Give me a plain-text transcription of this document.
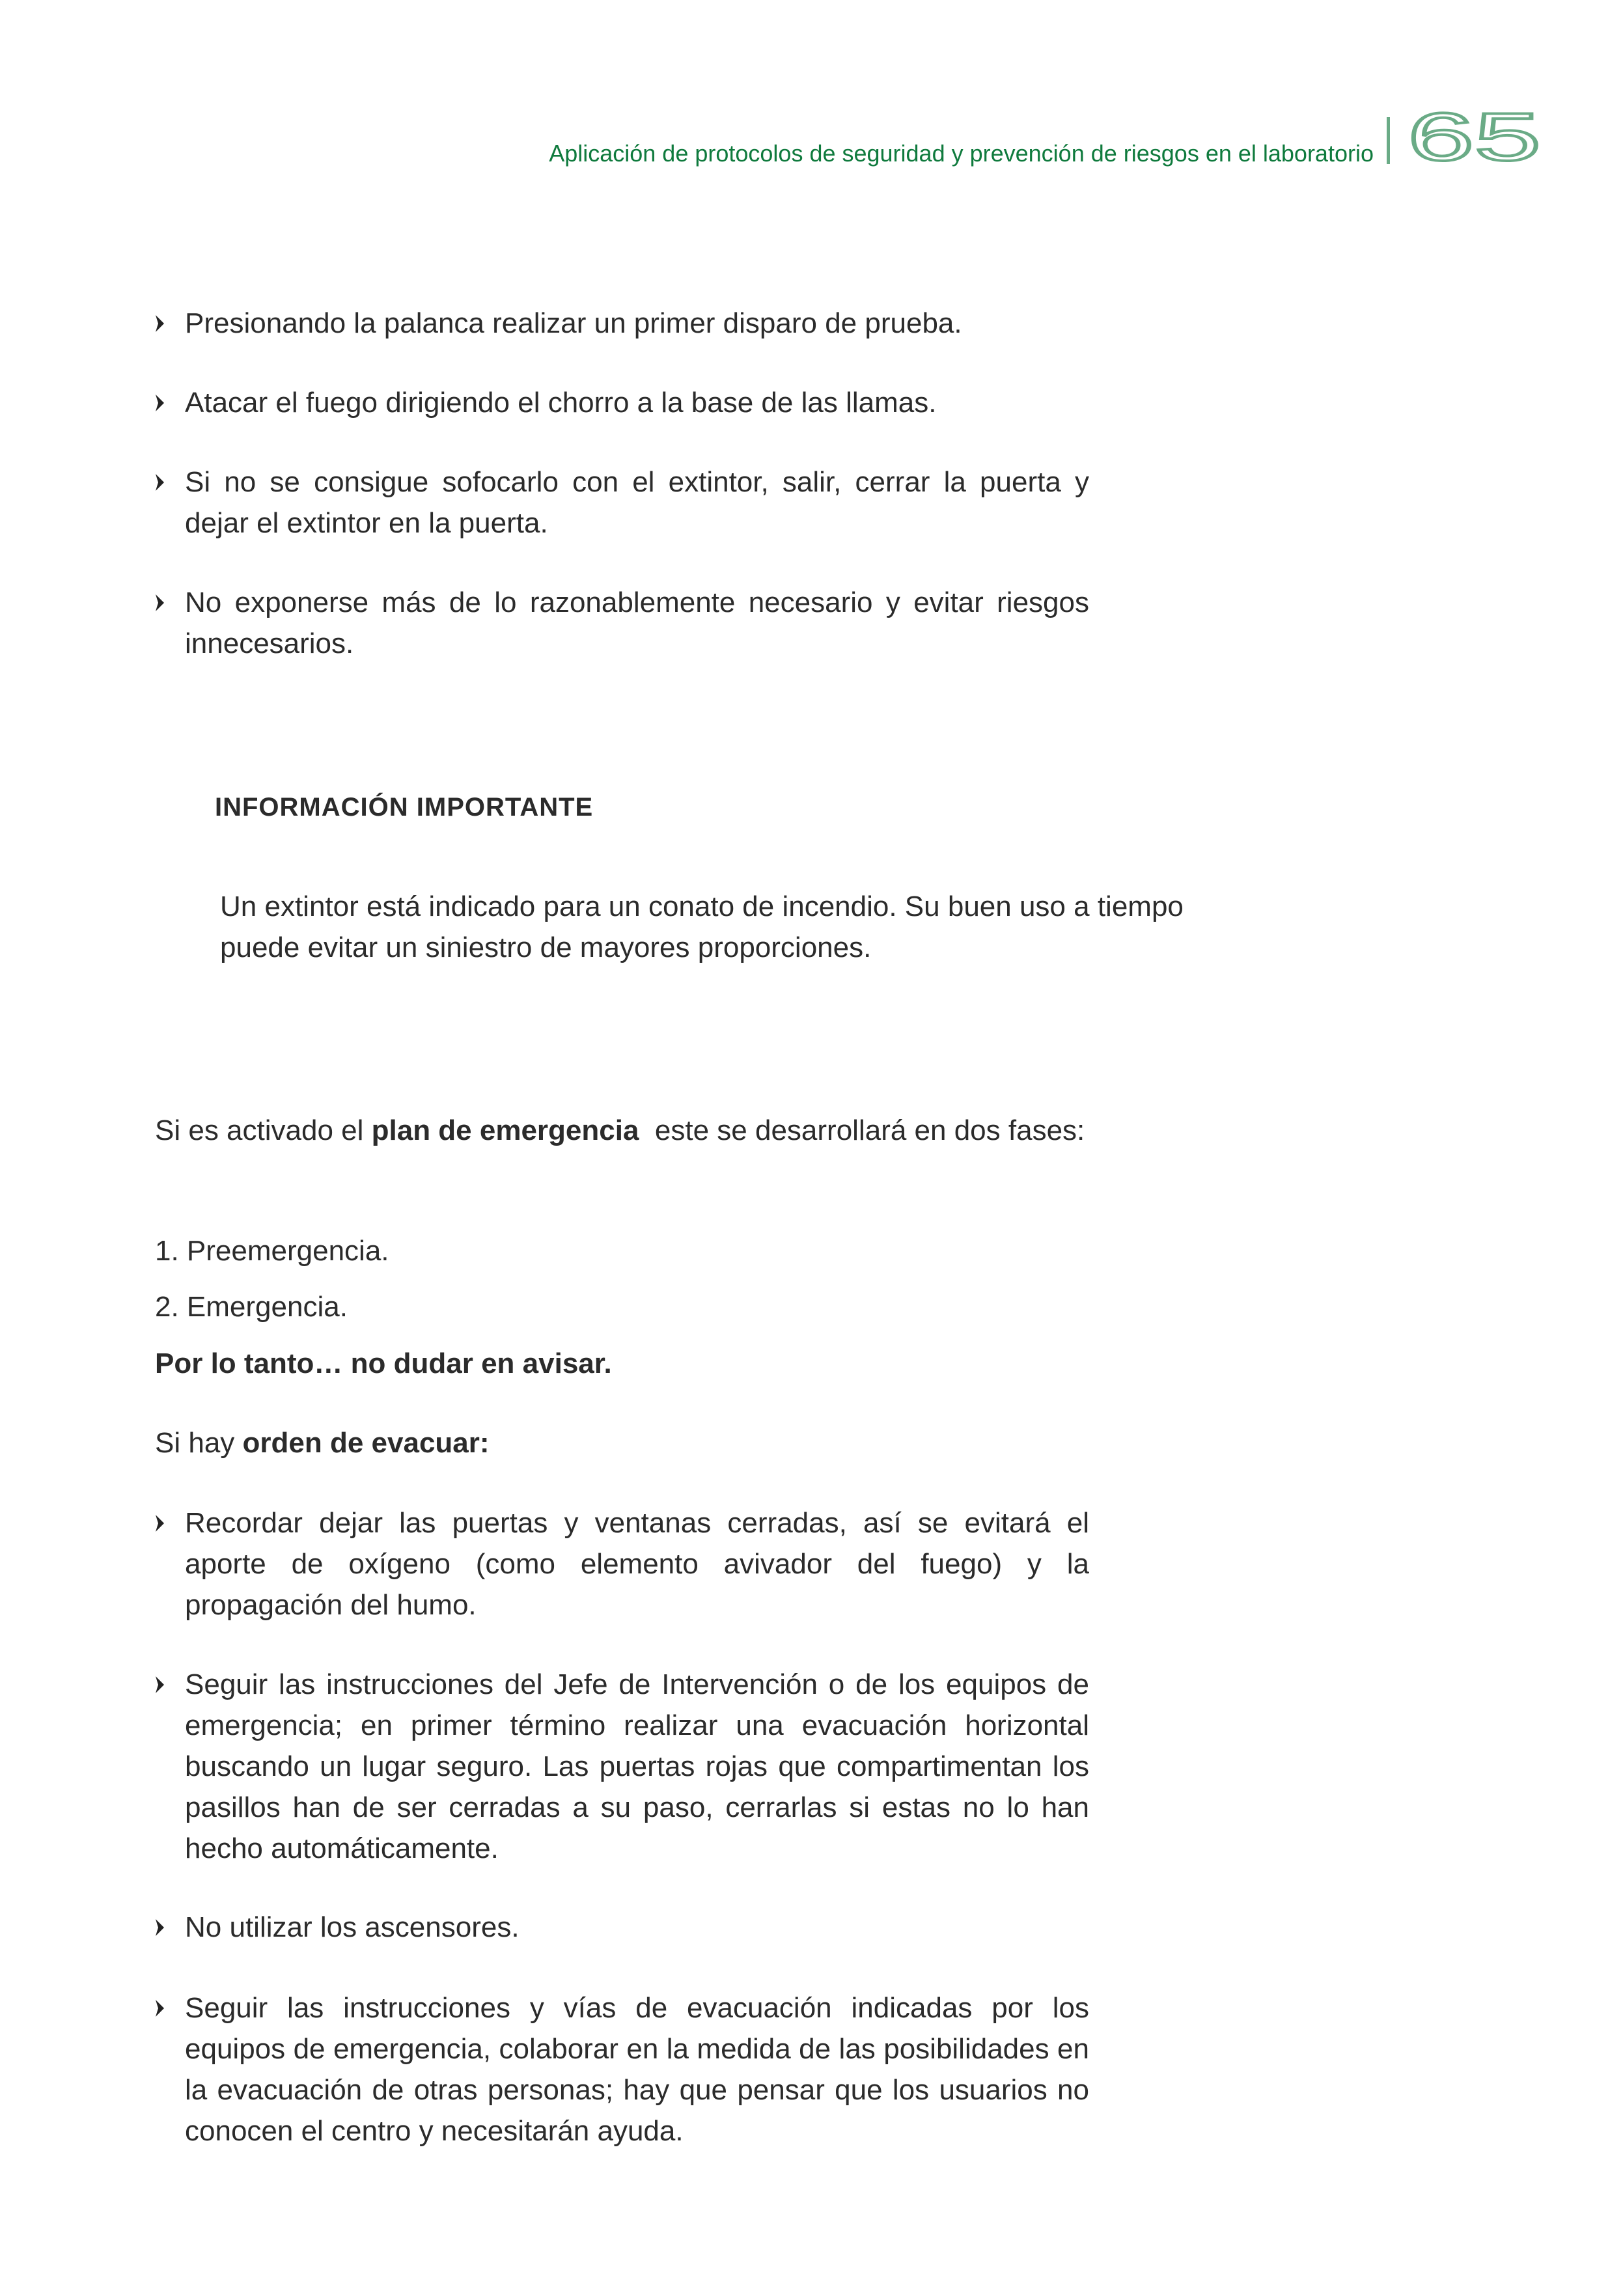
Aplicación de protocolos de seguridad y prevención de riesgos en el laboratorio 65
Presionando la palanca realizar un primer disparo de prueba.
Atacar el fuego dirigiendo el chorro a la base de las llamas.
Si no se consigue sofocarlo con el extintor, salir, cerrar la puerta y dejar el extintor en la puerta.
No exponerse más de lo razonablemente necesario y evitar riesgos innecesarios.
INFORMACIÓN IMPORTANTE

Un extintor está indicado para un conato de incendio. Su buen uso a tiempo puede evitar un siniestro de mayores proporciones.

Si es activado el plan de emergencia  este se desarrollará en dos fases:

1. Preemergencia.

2. Emergencia.

Por lo tanto… no dudar en avisar.

Si hay orden de evacuar:

Recordar dejar las puertas y ventanas cerradas, así se evitará el aporte de oxígeno (como elemento avivador del fuego) y la propagación del humo.
Seguir las instrucciones del Jefe de Intervención o de los equipos de emergencia; en primer término realizar una evacuación horizontal buscando un lugar seguro. Las puertas rojas que compartimentan los pasillos han de ser cerradas a su paso, cerrarlas si estas no lo han hecho automáticamente.
No utilizar los ascensores.
Seguir las instrucciones y vías de evacuación indicadas por los equipos de emergencia, colaborar en la medida de las posibilidades en la evacuación de otras personas; hay que pensar que los usuarios no conocen el centro y necesitarán ayuda.
